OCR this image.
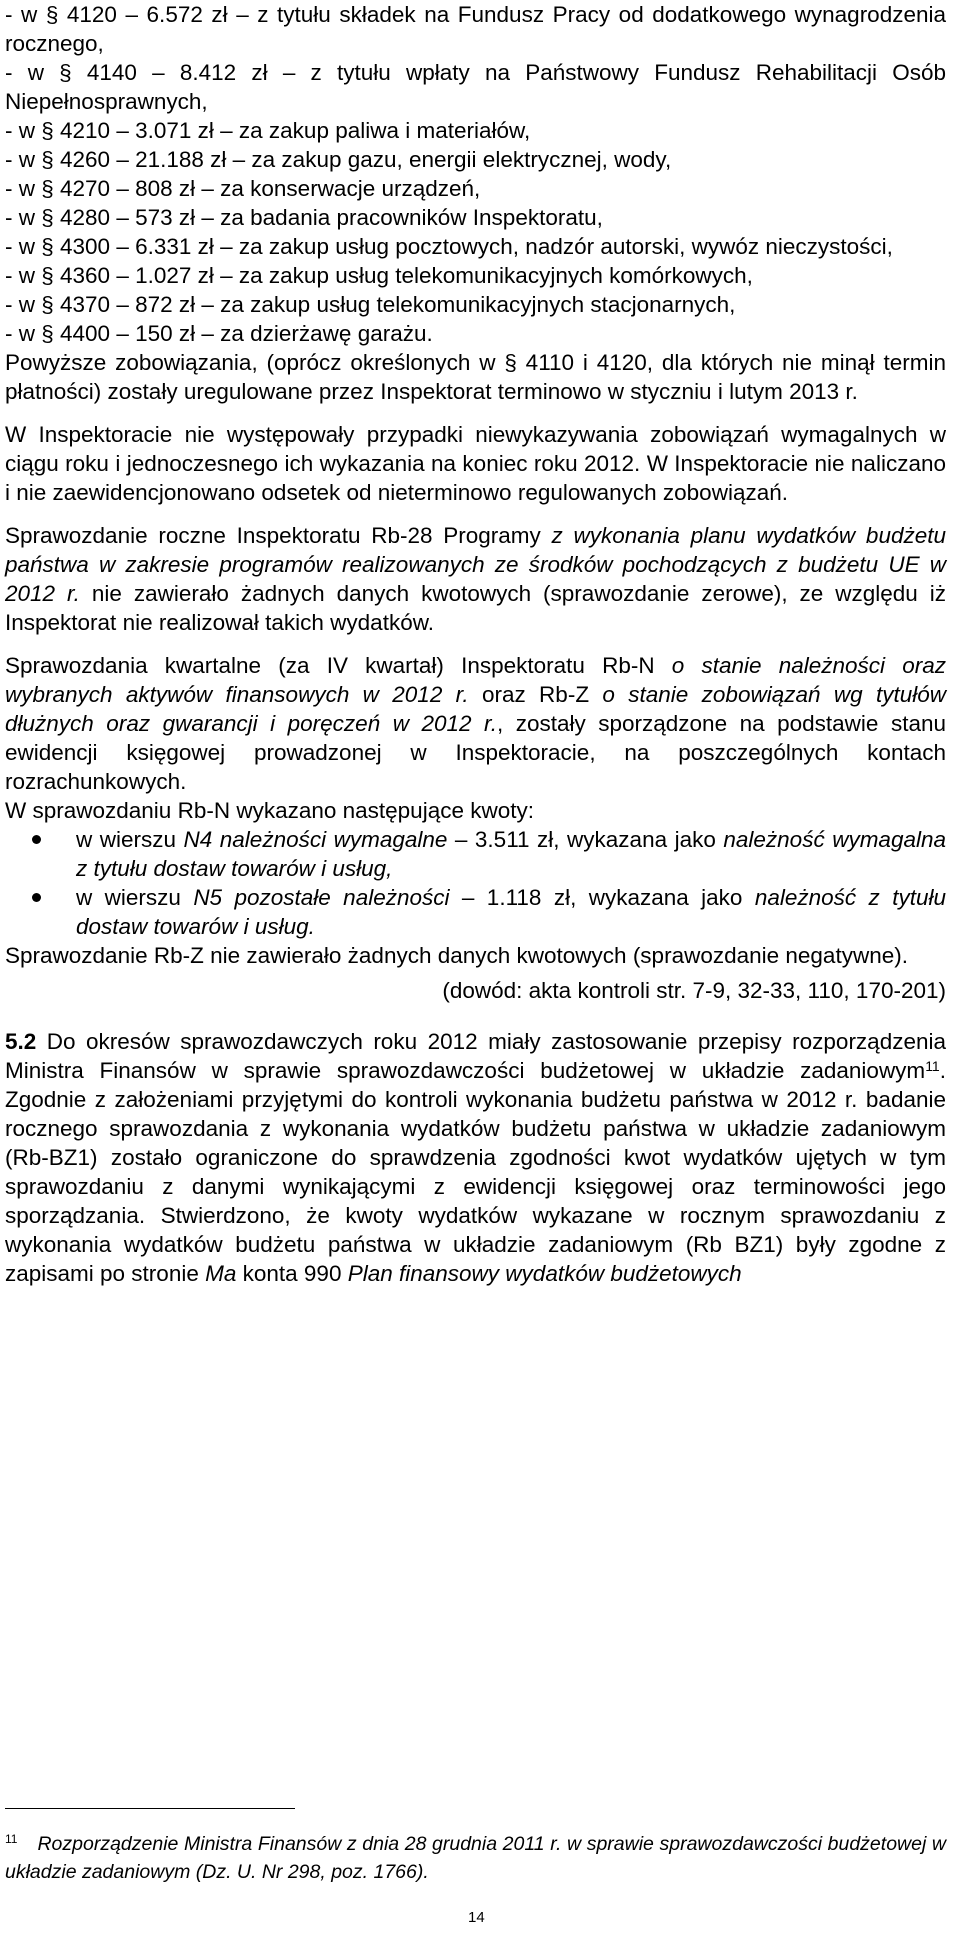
- w § 4120 – 6.572 zł – z tytułu składek na Fundusz Pracy od dodatkowego wynagrodzenia rocznego,
- w § 4140 – 8.412 zł – z tytułu wpłaty na Państwowy Fundusz Rehabilitacji Osób Niepełnosprawnych,
- w § 4210 – 3.071 zł – za zakup paliwa i materiałów,
- w § 4260 – 21.188 zł – za zakup gazu, energii elektrycznej, wody,
- w § 4270 – 808 zł – za konserwacje urządzeń,
- w § 4280 – 573 zł – za badania pracowników Inspektoratu,
- w § 4300 – 6.331 zł – za zakup usług pocztowych, nadzór autorski, wywóz nieczystości,
- w § 4360 – 1.027 zł – za zakup usług telekomunikacyjnych komórkowych,
- w § 4370 – 872 zł – za zakup usług telekomunikacyjnych stacjonarnych,
- w § 4400 – 150 zł – za dzierżawę garażu.

Powyższe zobowiązania, (oprócz określonych w § 4110 i 4120, dla których nie minął termin płatności) zostały uregulowane przez Inspektorat terminowo w styczniu i lutym 2013 r.

W Inspektoracie nie występowały przypadki niewykazywania zobowiązań wymagalnych w ciągu roku i jednoczesnego ich wykazania na koniec roku 2012. W Inspektoracie nie naliczano i nie zaewidencjonowano odsetek od nieterminowo regulowanych zobowiązań.

Sprawozdanie roczne Inspektoratu Rb-28 Programy z wykonania planu wydatków budżetu państwa w zakresie programów realizowanych ze środków pochodzących z budżetu UE w 2012 r. nie zawierało żadnych danych kwotowych (sprawozdanie zerowe), ze względu iż Inspektorat nie realizował takich wydatków.

Sprawozdania kwartalne (za IV kwartał) Inspektoratu Rb-N o stanie należności oraz wybranych aktywów finansowych w 2012 r. oraz Rb-Z o stanie zobowiązań wg tytułów dłużnych oraz gwarancji i poręczeń w 2012 r., zostały sporządzone na podstawie stanu ewidencji księgowej prowadzonej w Inspektoracie, na poszczególnych kontach rozrachunkowych.

W sprawozdaniu Rb-N wykazano następujące kwoty:

w wierszu N4 należności wymagalne – 3.511 zł, wykazana jako należność wymagalna z tytułu dostaw towarów i usług,
w wierszu N5 pozostałe należności – 1.118 zł, wykazana jako należność z tytułu dostaw towarów i usług.

Sprawozdanie Rb-Z nie zawierało żadnych danych kwotowych (sprawozdanie negatywne).

(dowód: akta kontroli str. 7-9, 32-33, 110, 170-201)

5.2 Do okresów sprawozdawczych roku 2012 miały zastosowanie przepisy rozporządzenia Ministra Finansów w sprawie sprawozdawczości budżetowej w układzie zadaniowym$^{11}$. Zgodnie z założeniami przyjętymi do kontroli wykonania budżetu państwa w 2012 r. badanie rocznego sprawozdania z wykonania wydatków budżetu państwa w układzie zadaniowym (Rb-BZ1) zostało ograniczone do sprawdzenia zgodności kwot wydatków ujętych w tym sprawozdaniu z danymi wynikającymi z ewidencji księgowej oraz terminowości jego sporządzania. Stwierdzono, że kwoty wydatków wykazane w rocznym sprawozdaniu z wykonania wydatków budżetu państwa w układzie zadaniowym (Rb BZ1) były zgodne z zapisami po stronie Ma konta 990 Plan finansowy wydatków budżetowych

$^{11}$ Rozporządzenie Ministra Finansów z dnia 28 grudnia 2011 r. w sprawie sprawozdawczości budżetowej w układzie zadaniowym (Dz. U. Nr 298, poz. 1766).
14
